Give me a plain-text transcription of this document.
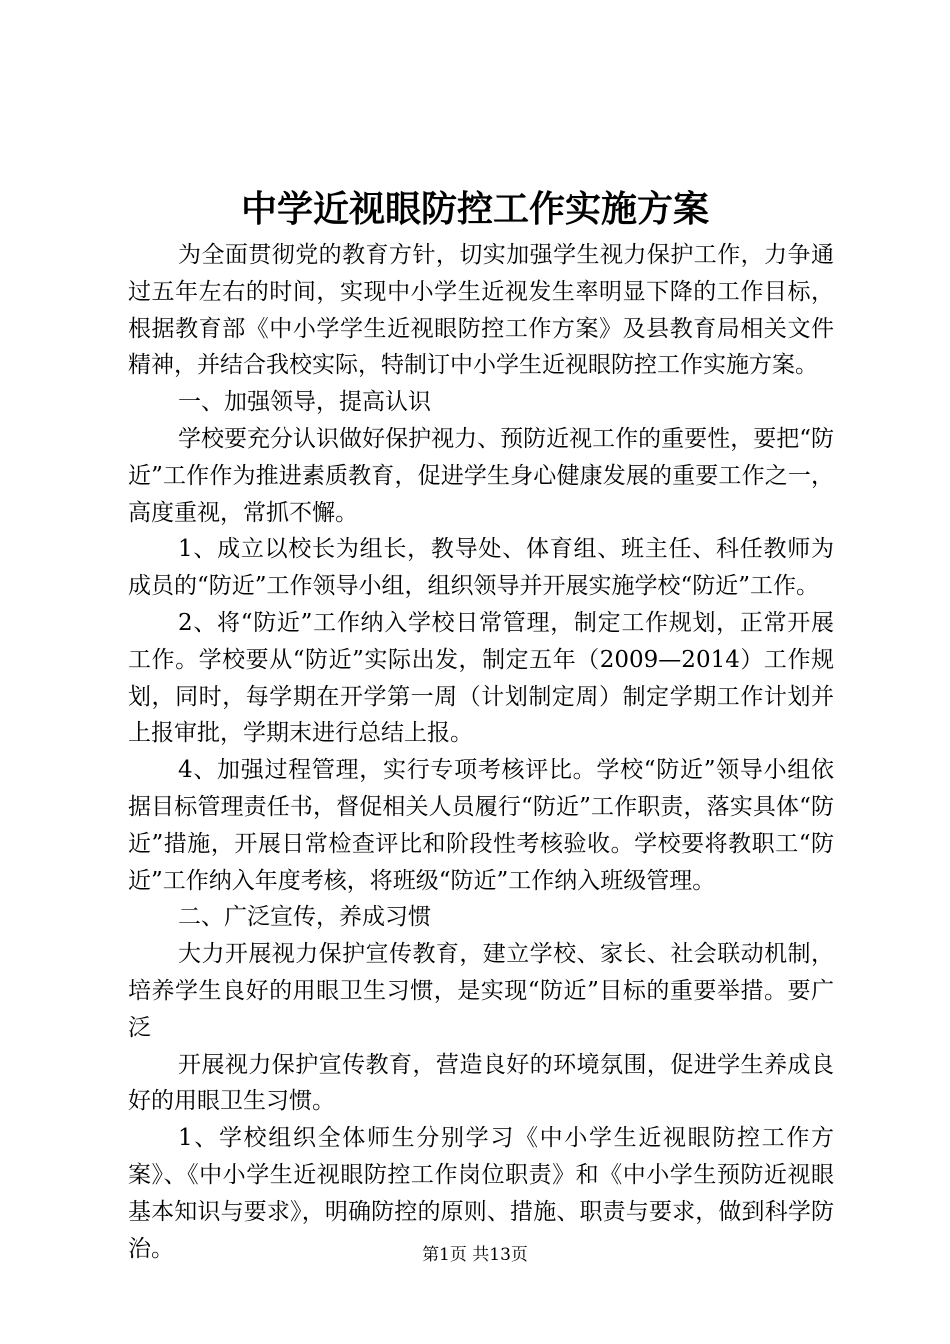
中学近视眼防控工作实施方案

为全面贯彻党的教育方针，切实加强学生视力保护工作，力争通过五年左右的时间，实现中小学生近视发生率明显下降的工作目标，根据教育部《中小学学生近视眼防控工作方案》及县教育局相关文件精神，并结合我校实际，特制订中小学生近视眼防控工作实施方案。

一、加强领导，提高认识

学校要充分认识做好保护视力、预防近视工作的重要性，要把“防近”工作作为推进素质教育，促进学生身心健康发展的重要工作之一，高度重视，常抓不懈。

1、成立以校长为组长，教导处、体育组、班主任、科任教师为成员的“防近”工作领导小组，组织领导并开展实施学校“防近”工作。

2、将“防近”工作纳入学校日常管理，制定工作规划，正常开展工作。学校要从“防近”实际出发，制定五年（2009—2014）工作规划，同时，每学期在开学第一周（计划制定周）制定学期工作计划并上报审批，学期末进行总结上报。

4、加强过程管理，实行专项考核评比。学校“防近”领导小组依据目标管理责任书，督促相关人员履行“防近”工作职责，落实具体“防近”措施，开展日常检查评比和阶段性考核验收。学校要将教职工“防近”工作纳入年度考核，将班级“防近”工作纳入班级管理。

二、广泛宣传，养成习惯

大力开展视力保护宣传教育，建立学校、家长、社会联动机制，培养学生良好的用眼卫生习惯，是实现“防近”目标的重要举措。要广泛

开展视力保护宣传教育，营造良好的环境氛围，促进学生养成良好的用眼卫生习惯。

1、学校组织全体师生分别学习《中小学生近视眼防控工作方案》、《中小学生近视眼防控工作岗位职责》和《中小学生预防近视眼基本知识与要求》，明确防控的原则、措施、职责与要求，做到科学防治。	第1页 共13页
